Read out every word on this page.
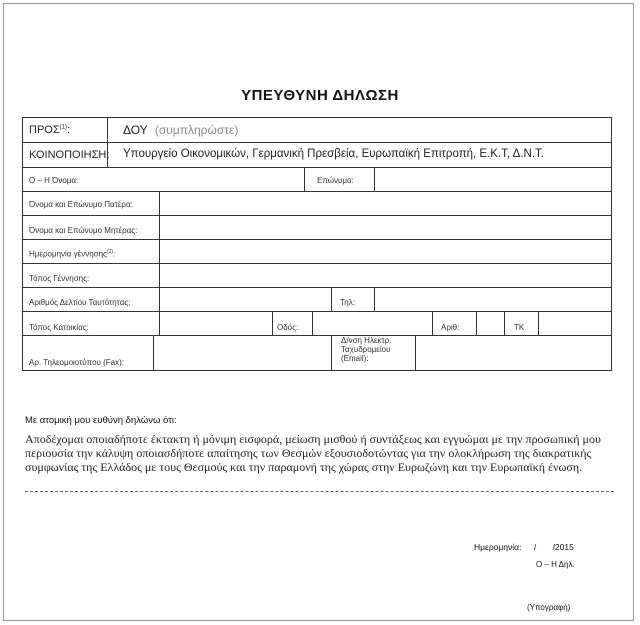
ΥΠΕΥΘΥΝΗ ΔΗΛΩΣΗ
ΠΡΟΣ$^{(1)}$:	ΔΟΥ (συμπληρώστε)
ΚΟΙΝΟΠΟΙΗΣΗ: Υπουργείο Οικονομικών, Γερμανική Πρεσβεία, Ευρωπαϊκή Επιτροπή, Ε.Κ.Τ, Δ.Ν.Τ.
Ο – Η Όνομα:	Επώνυμο:
Όνομα και Επώνυμο Πατέρα:
Όνομα και Επώνυμο Μητέρας:
Ημερομηνία γέννησης$^{(2)}$:
Τόπος Γέννησης:
Αριθμός Δελτίου Ταυτότητας:	Τηλ:
Τόπος Κατοικίας:	Οδός:	Αριθ:	ΤΚ
Αρ. Τηλεομοιοτύπου (Fax):
Δ/νση Ηλεκτρ.
Ταχυδρομείου
(Email):
Με ατομική μου ευθύνη δηλώνω ότι:
Αποδέχομαι οποιαδήποτε έκτακτη ή μόνιμη εισφορά, μείωση μισθού ή συντάξεως και εγγυώμαι με την προσωπική μου περιουσία την κάλυψη οποιασδήποτε απαίτησης των Θεσμών εξουσιοδοτώντας για την ολοκλήρωση της διακρατικής συμφωνίας της Ελλάδος με τους Θεσμούς και την παραμονή της χώρας στην Ευρωζώνη και την Ευρωπαϊκή ένωση.
Ημερομηνία: / /2015
Ο – Η Δηλ.
(Υπογραφή)
